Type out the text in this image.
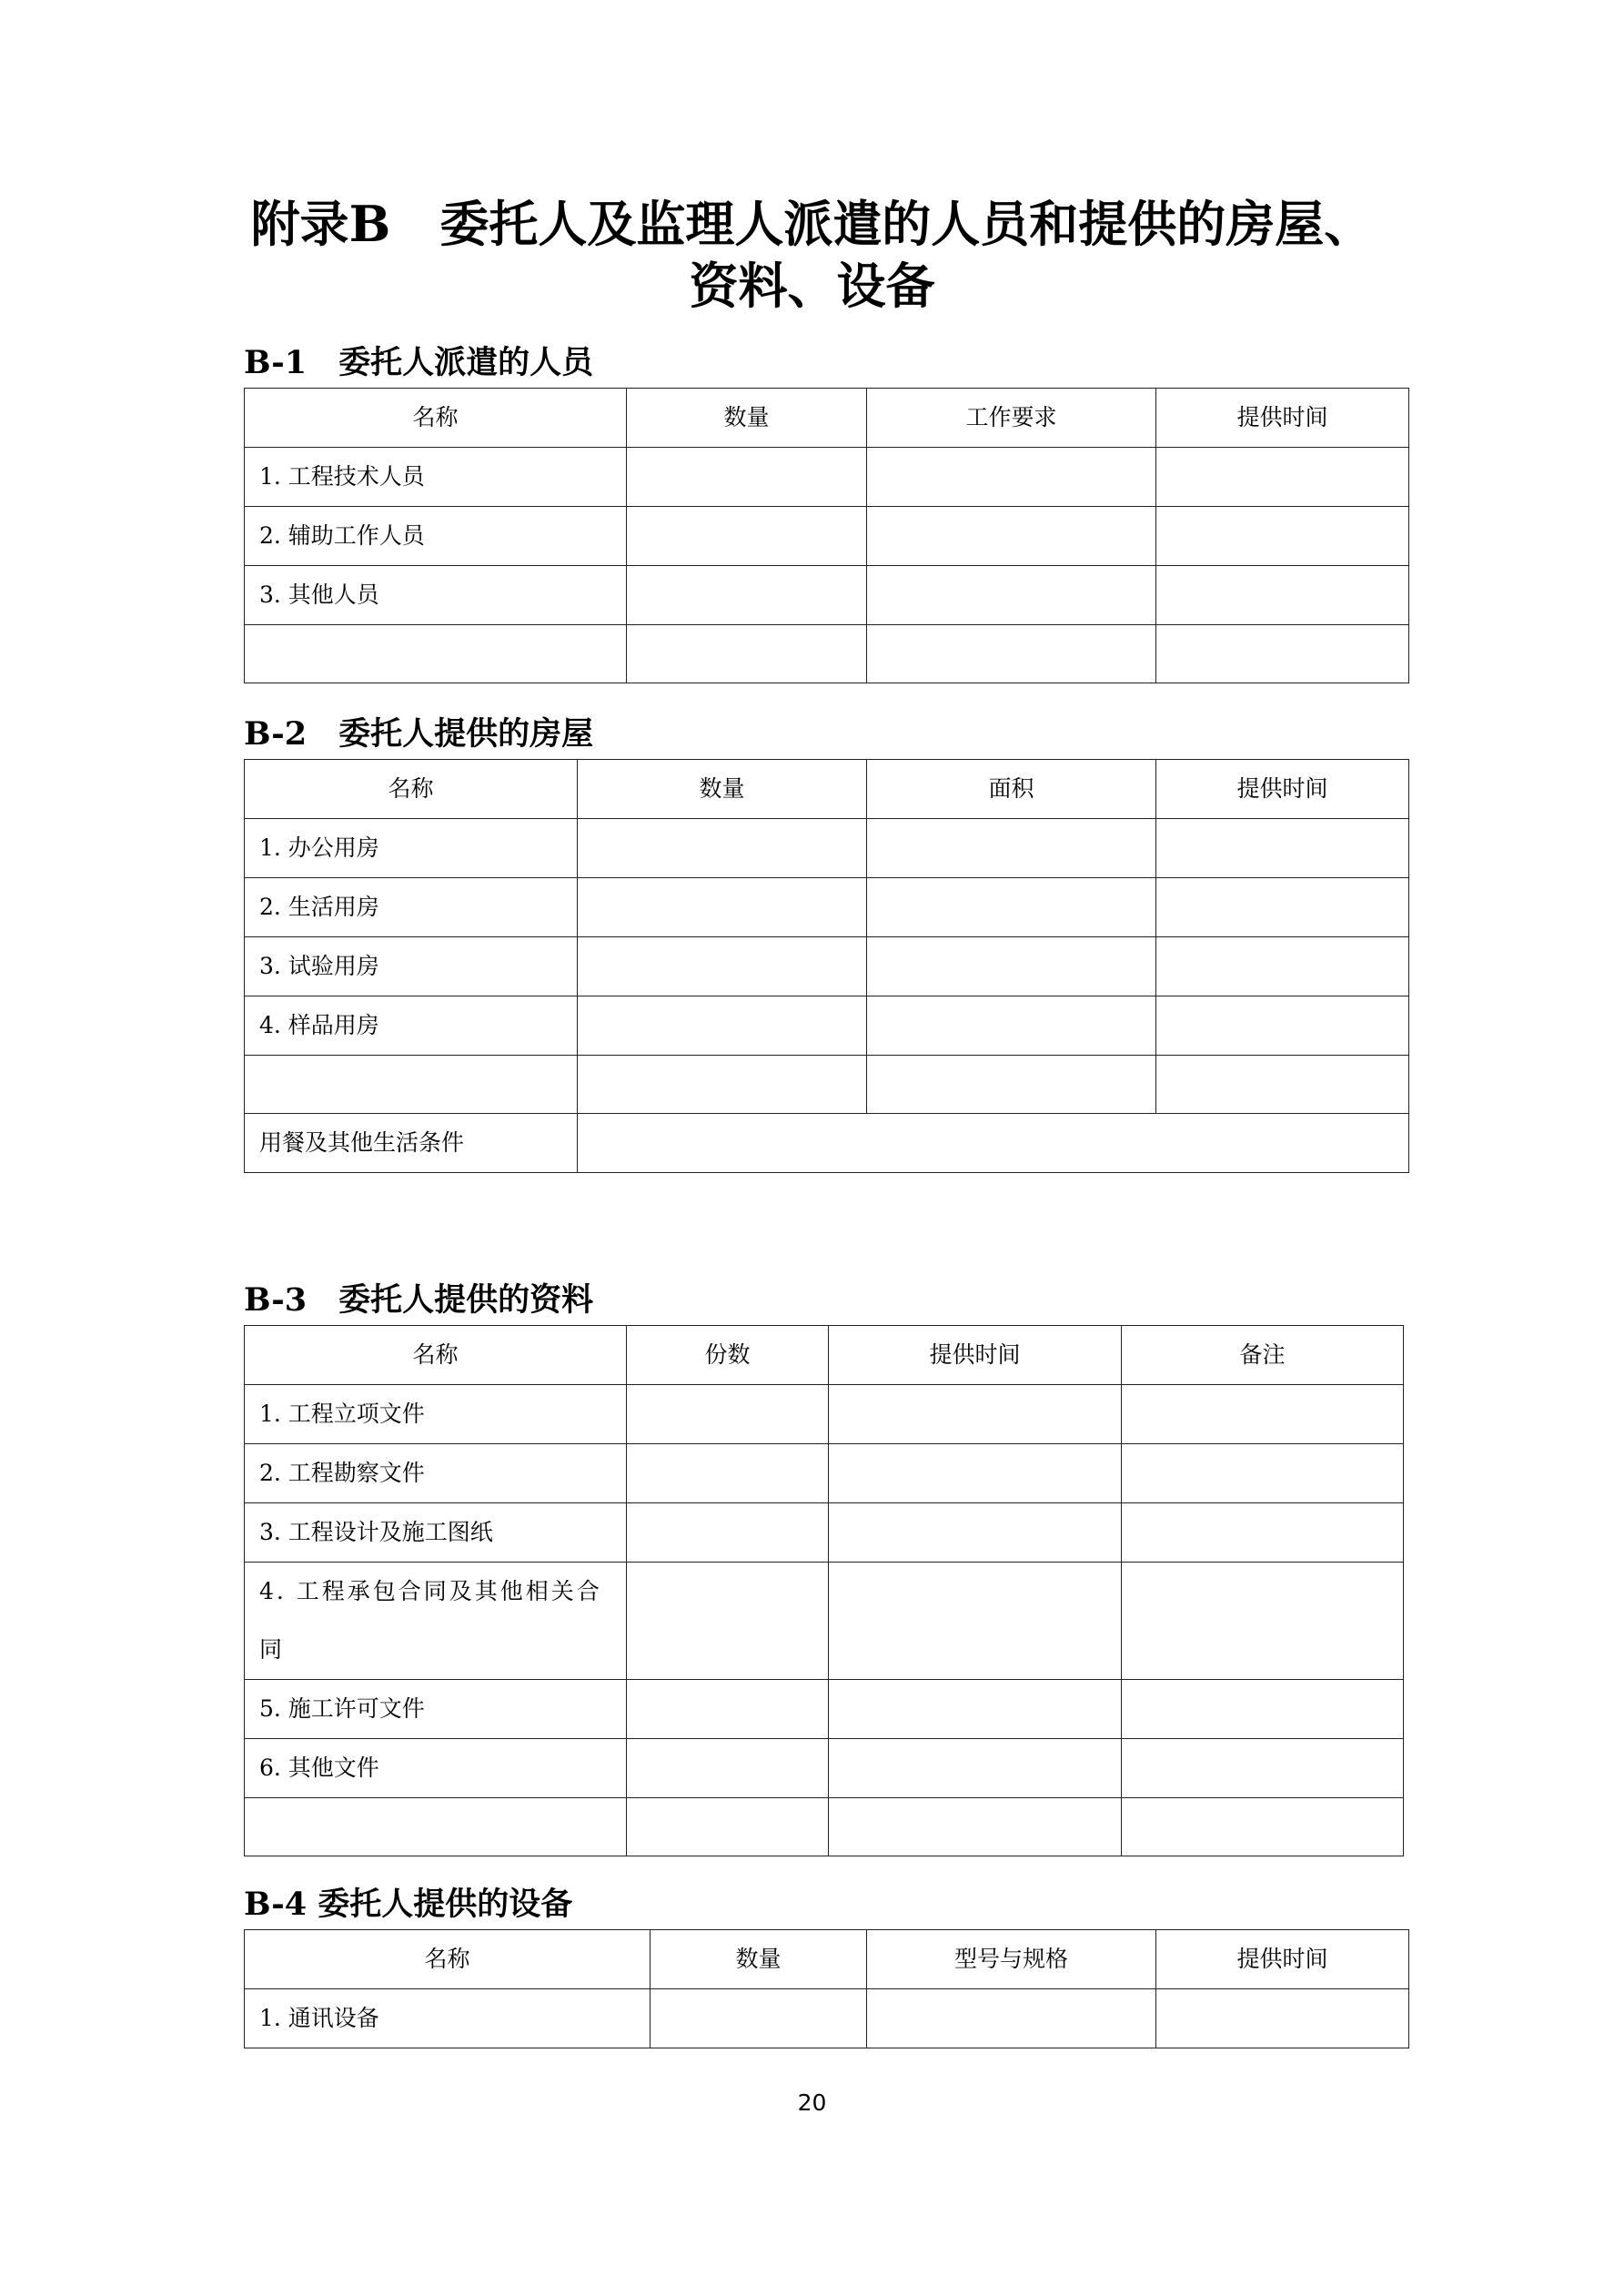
附录B　委托人及监理人派遣的人员和提供的房屋、
资料、设备
B-1　委托人派遣的人员
名称	数量	工作要求	提供时间
1. 工程技术人员			
2. 辅助工作人员			
3. 其他人员			

B-2　委托人提供的房屋
名称	数量	面积	提供时间
1. 办公用房			
2. 生活用房			
3. 试验用房			
4. 样品用房			

用餐及其他生活条件			
B-3　委托人提供的资料
名称	份数	提供时间	备注
1. 工程立项文件			
2. 工程勘察文件			
3. 工程设计及施工图纸			
4. 工程承包合同及其他相关合同			
5. 施工许可文件			
6. 其他文件			

B-4 委托人提供的设备
名称	数量	型号与规格	提供时间
1. 通讯设备			
20
